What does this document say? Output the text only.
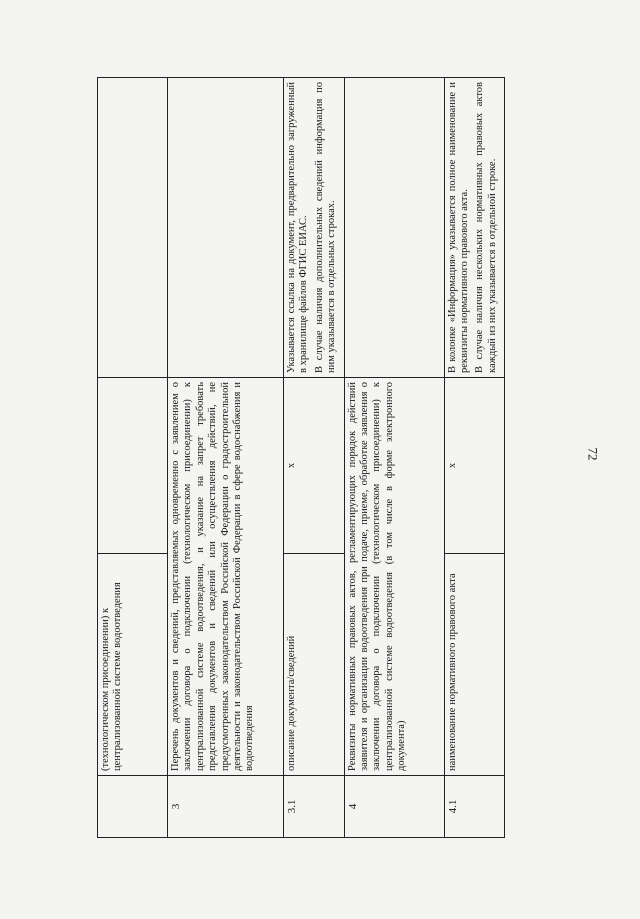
72
	(технологическом присоединении) к централизованной системе водоотведения		
3	Перечень документов и сведений, представляемых одновременно с заявлением о заключении договора о подключении (технологическом присоединении) к централизованной системе водоотведения, и указание на запрет требовать представления документов и сведений или осуществления действий, не предусмотренных законодательством Российской Федерации о градостроительной деятельности и законодательством Российской Федерации в сфере водоснабжения и водоотведения		
3.1	описание документа/сведений	x	Указывается ссылка на документ, предварительно загруженный в хранилище файлов ФГИС ЕИАС. В случае наличия дополнительных сведений информация по ним указывается в отдельных строках.

4	Реквизиты нормативных правовых актов, регламентирующих порядок действий заявителя и организации водоотведения при подаче, приеме, обработке заявления о заключении договора о подключении (технологическом присоединении) к централизованной системе водоотведения (в том числе в форме электронного документа)		
4.1	наименование нормативного правового акта	x	В колонке «Информация» указывается полное наименование и реквизиты нормативного правового акта. В случае наличия нескольких нормативных правовых актов каждый из них указывается в отдельной строке.
